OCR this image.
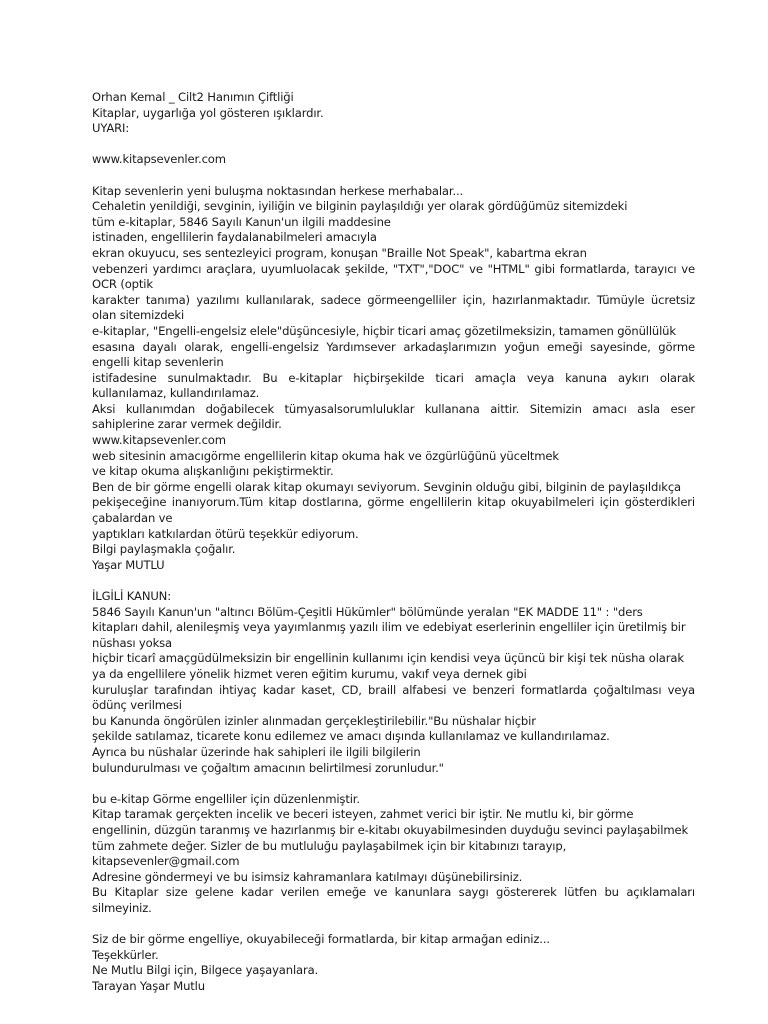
Orhan Kemal _ Cilt2 Hanımın Çiftliği
Kitaplar, uygarlığa yol gösteren ışıklardır.
UYARI:
www.kitapsevenler.com
Kitap sevenlerin yeni buluşma noktasından herkese merhabalar...
Cehaletin yenildiği, sevginin, iyiliğin ve bilginin paylaşıldığı yer olarak gördüğümüz sitemizdeki
tüm e-kitaplar, 5846 Sayılı Kanun'un ilgili maddesine
istinaden, engellilerin faydalanabilmeleri amacıyla
ekran okuyucu, ses sentezleyici program, konuşan "Braille Not Speak", kabartma ekran
vebenzeri yardımcı araçlara, uyumluolacak şekilde, "TXT","DOC" ve "HTML" gibi formatlarda, tarayıcı ve
OCR (optik
karakter tanıma) yazılımı kullanılarak, sadece görmeengelliler için, hazırlanmaktadır. Tümüyle ücretsiz
olan sitemizdeki
e-kitaplar, "Engelli-engelsiz elele"düşüncesiyle, hiçbir ticari amaç gözetilmeksizin, tamamen gönüllülük
esasına dayalı olarak, engelli-engelsiz Yardımsever arkadaşlarımızın yoğun emeği sayesinde, görme
engelli kitap sevenlerin
istifadesine sunulmaktadır. Bu e-kitaplar hiçbirşekilde ticari amaçla veya kanuna aykırı olarak
kullanılamaz, kullandırılamaz.
Aksi kullanımdan doğabilecek tümyasalsorumluluklar kullanana aittir. Sitemizin amacı asla eser
sahiplerine zarar vermek değildir.
www.kitapsevenler.com
web sitesinin amacıgörme engellilerin kitap okuma hak ve özgürlüğünü yüceltmek
ve kitap okuma alışkanlığını pekiştirmektir.
Ben de bir görme engelli olarak kitap okumayı seviyorum. Sevginin olduğu gibi, bilginin de paylaşıldıkça
pekişeceğine inanıyorum.Tüm kitap dostlarına, görme engellilerin kitap okuyabilmeleri için gösterdikleri
çabalardan ve
yaptıkları katkılardan ötürü teşekkür ediyorum.
Bilgi paylaşmakla çoğalır.
Yaşar MUTLU
İLGİLİ KANUN:
5846 Sayılı Kanun'un "altıncı Bölüm-Çeşitli Hükümler" bölümünde yeralan "EK MADDE 11" : "ders
kitapları dahil, alenileşmiş veya yayımlanmış yazılı ilim ve edebiyat eserlerinin engelliler için üretilmiş bir
nüshası yoksa
hiçbir ticarî amaçgüdülmeksizin bir engellinin kullanımı için kendisi veya üçüncü bir kişi tek nüsha olarak
ya da engellilere yönelik hizmet veren eğitim kurumu, vakıf veya dernek gibi
kuruluşlar tarafından ihtiyaç kadar kaset, CD, braill alfabesi ve benzeri formatlarda çoğaltılması veya
ödünç verilmesi
bu Kanunda öngörülen izinler alınmadan gerçekleştirilebilir."Bu nüshalar hiçbir
şekilde satılamaz, ticarete konu edilemez ve amacı dışında kullanılamaz ve kullandırılamaz.
Ayrıca bu nüshalar üzerinde hak sahipleri ile ilgili bilgilerin
bulundurulması ve çoğaltım amacının belirtilmesi zorunludur."
bu e-kitap Görme engelliler için düzenlenmiştir.
Kitap taramak gerçekten incelik ve beceri isteyen, zahmet verici bir iştir. Ne mutlu ki, bir görme
engellinin, düzgün taranmış ve hazırlanmış bir e-kitabı okuyabilmesinden duyduğu sevinci paylaşabilmek
tüm zahmete değer. Sizler de bu mutluluğu paylaşabilmek için bir kitabınızı tarayıp,
kitapsevenler@gmail.com
Adresine göndermeyi ve bu isimsiz kahramanlara katılmayı düşünebilirsiniz.
Bu Kitaplar size gelene kadar verilen emeğe ve kanunlara saygı göstererek lütfen bu açıklamaları
silmeyiniz.
Siz de bir görme engelliye, okuyabileceği formatlarda, bir kitap armağan ediniz...
Teşekkürler.
Ne Mutlu Bilgi için, Bilgece yaşayanlara.
Tarayan Yaşar Mutlu
